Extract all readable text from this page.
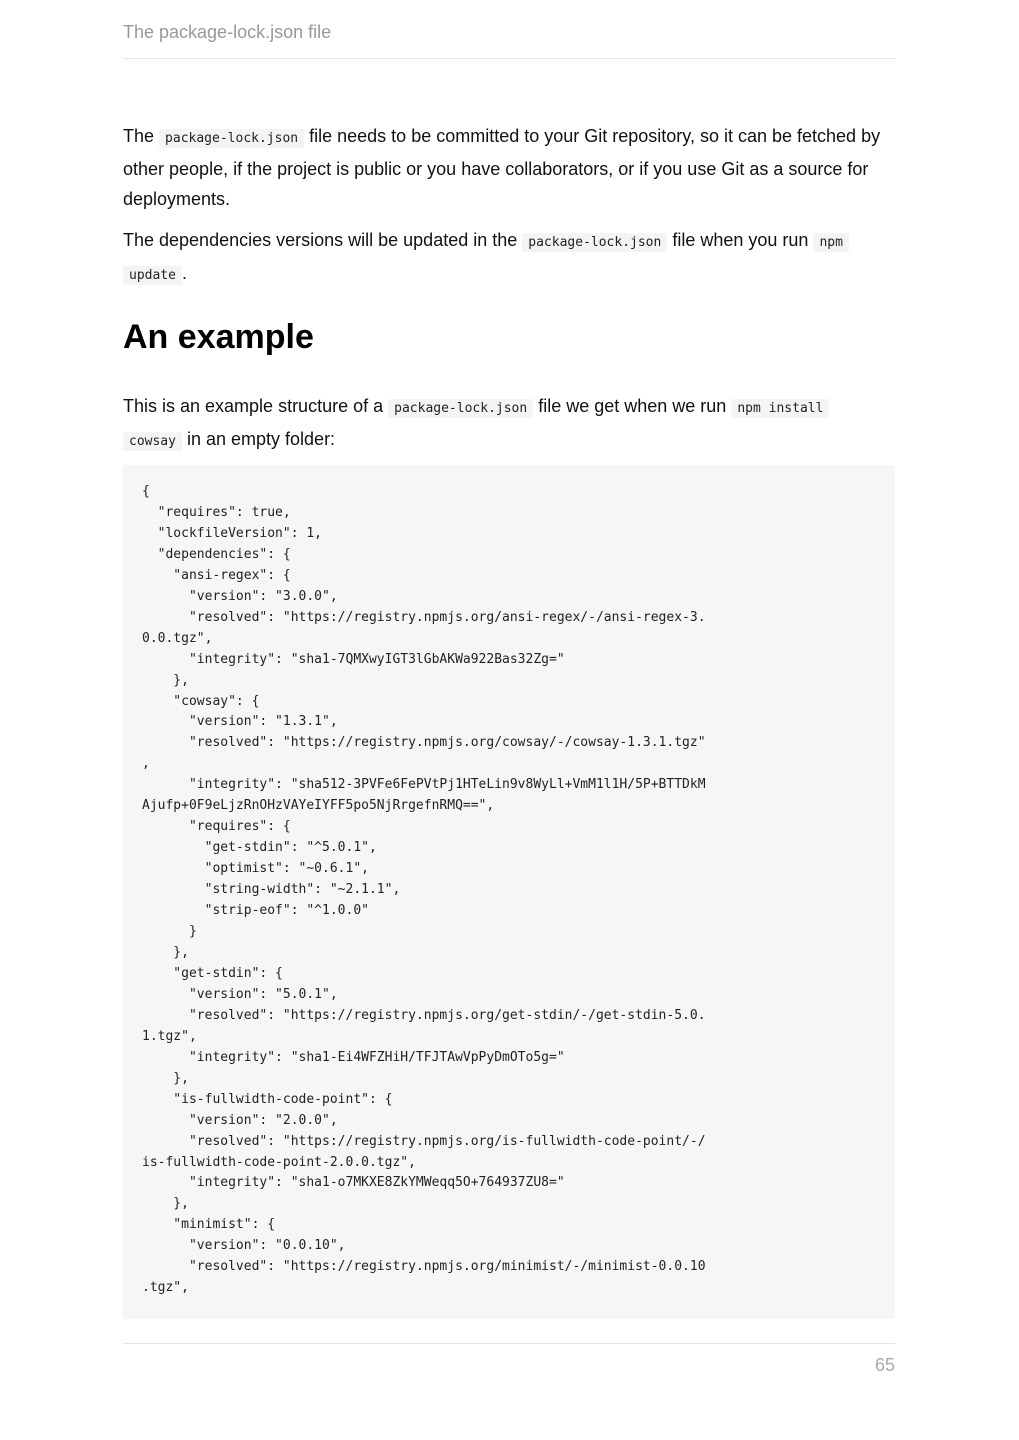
The package-lock.json file

The package-lock.json file needs to be committed to your Git repository, so it can be fetched by other people, if the project is public or you have collaborators, or if you use Git as a source for deployments.

The dependencies versions will be updated in the package-lock.json file when you run npm
update .

An example

This is an example structure of a package-lock.json file we get when we run npm install
cowsay in an empty folder:

{
"requires": true,
"lockfileVersion": 1,
"dependencies": {
"ansi-regex": {
"version": "3.0.0",
"resolved": "https://registry.npmjs.org/ansi-regex/-/ansi-regex-3.
0.0.tgz",
"integrity": "sha1-7QMXwyIGT3lGbAKWa922Bas32Zg="
},
"cowsay": {
"version": "1.3.1",
"resolved": "https://registry.npmjs.org/cowsay/-/cowsay-1.3.1.tgz"
,
"integrity": "sha512-3PVFe6FePVtPj1HTeLin9v8WyLl+VmM1l1H/5P+BTTDkM
Ajufp+0F9eLjzRnOHzVAYeIYFF5po5NjRrgefnRMQ==",
"requires": {
"get-stdin": "^5.0.1",
"optimist": "~0.6.1",
"string-width": "~2.1.1",
"strip-eof": "^1.0.0"
}
},
"get-stdin": {
"version": "5.0.1",
"resolved": "https://registry.npmjs.org/get-stdin/-/get-stdin-5.0.
1.tgz",
"integrity": "sha1-Ei4WFZHiH/TFJTAwVpPyDmOTo5g="
},
"is-fullwidth-code-point": {
"version": "2.0.0",
"resolved": "https://registry.npmjs.org/is-fullwidth-code-point/-/
is-fullwidth-code-point-2.0.0.tgz",
"integrity": "sha1-o7MKXE8ZkYMWeqq5O+764937ZU8="
},
"minimist": {
"version": "0.0.10",
"resolved": "https://registry.npmjs.org/minimist/-/minimist-0.0.10
.tgz",
65
